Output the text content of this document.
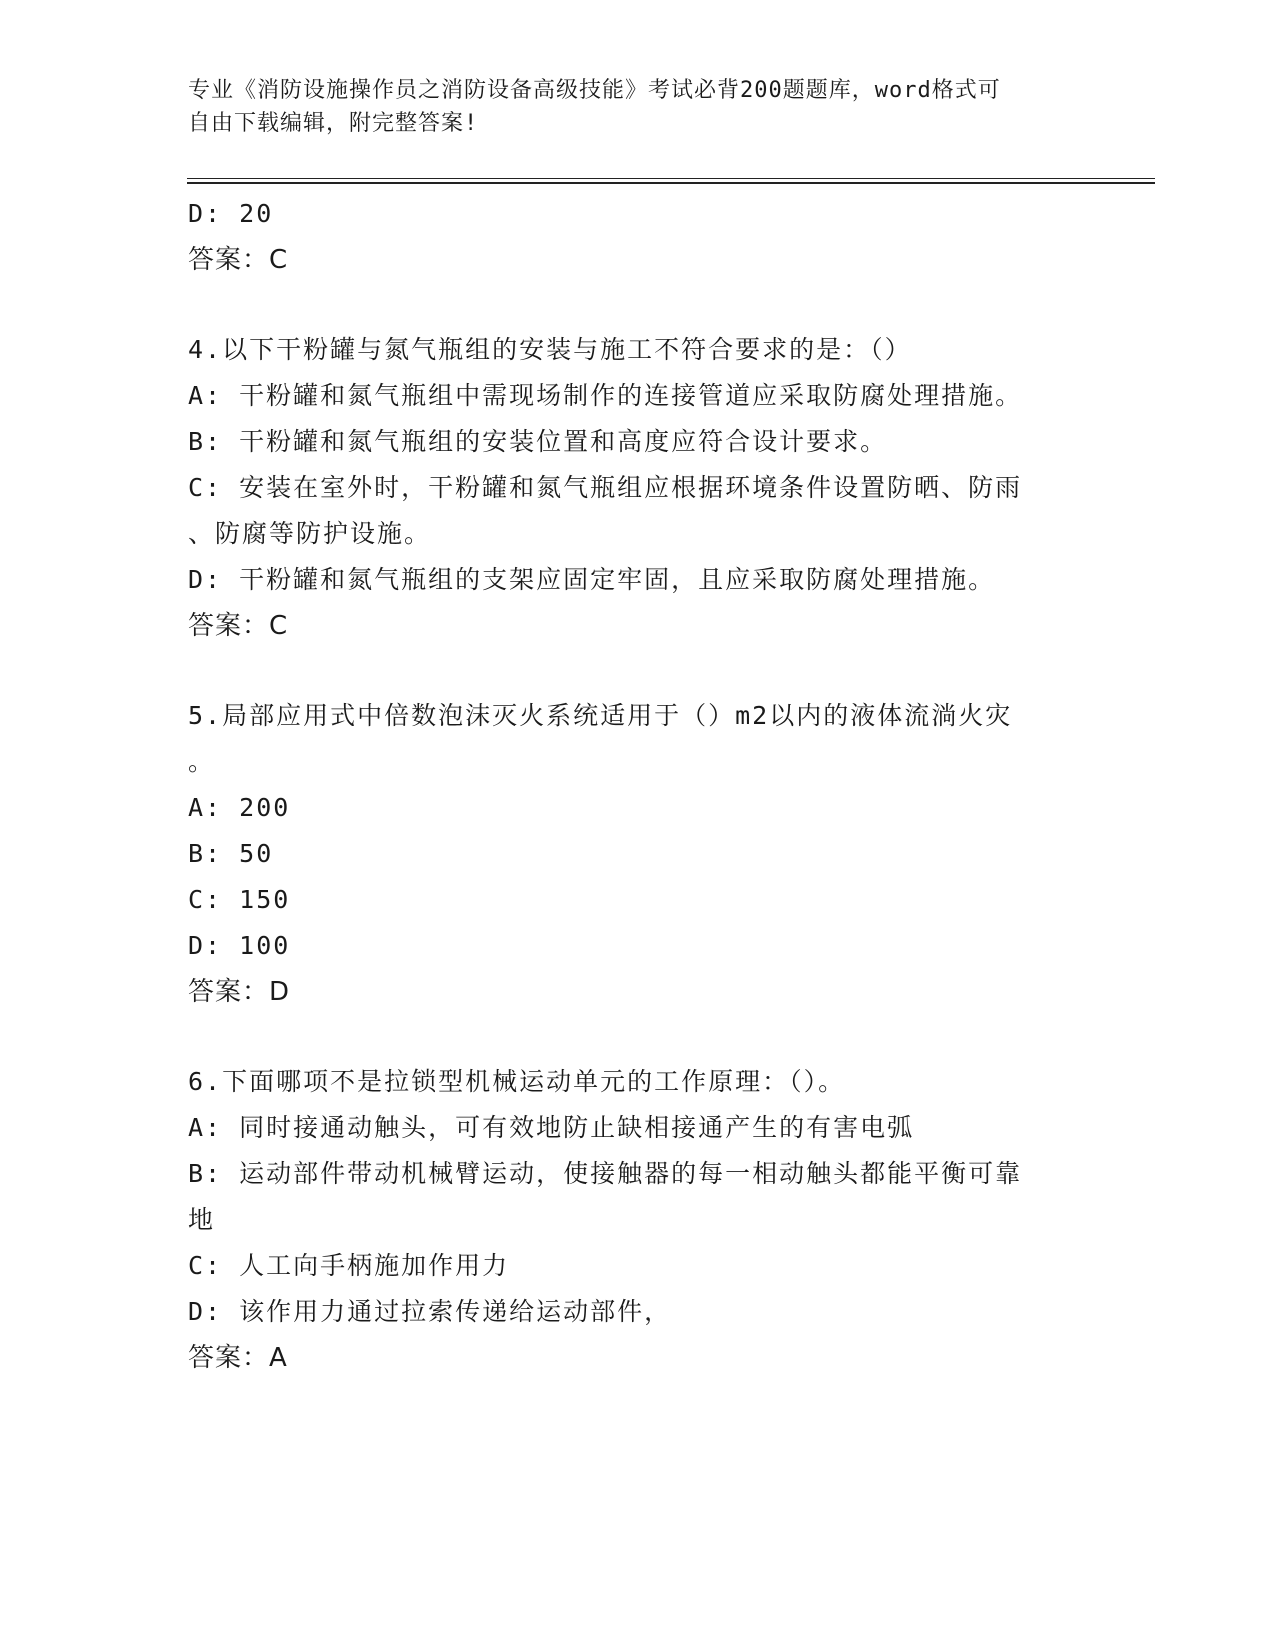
专业《消防设施操作员之消防设备高级技能》考试必背200题题库，word格式可
自由下载编辑，附完整答案!
D: 20
答案：C
4.以下干粉罐与氮气瓶组的安装与施工不符合要求的是：（）
A: 干粉罐和氮气瓶组中需现场制作的连接管道应采取防腐处理措施。
B: 干粉罐和氮气瓶组的安装位置和高度应符合设计要求。
C: 安装在室外时，干粉罐和氮气瓶组应根据环境条件设置防晒、防雨
、防腐等防护设施。
D: 干粉罐和氮气瓶组的支架应固定牢固，且应采取防腐处理措施。
答案：C
5.局部应用式中倍数泡沫灭火系统适用于（）m2以内的液体流淌火灾
。
A: 200
B: 50
C: 150
D: 100
答案：D
6.下面哪项不是拉锁型机械运动单元的工作原理：（）。
A: 同时接通动触头，可有效地防止缺相接通产生的有害电弧
B: 运动部件带动机械臂运动，使接触器的每一相动触头都能平衡可靠
地
C: 人工向手柄施加作用力
D: 该作用力通过拉索传递给运动部件，
答案：A
